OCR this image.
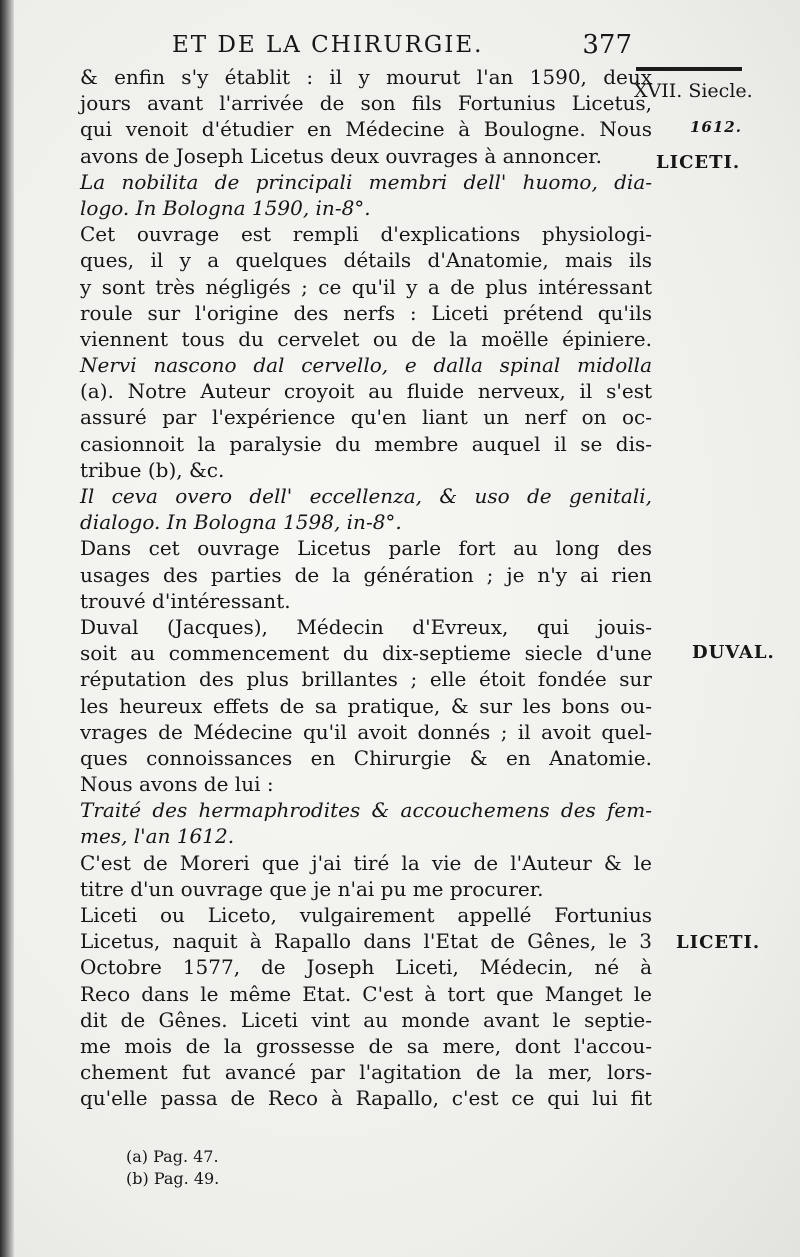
ET DE LA CHIRURGIE.	377
XVII. Siecle.
1612.
LICETI.
DUVAL.
LICETI.
& enfin s'y établit : il y mourut l'an 1590, deux
jours avant l'arrivée de son fils Fortunius Licetus,
qui venoit d'étudier en Médecine à Boulogne. Nous
avons de Joseph Licetus deux ouvrages à annoncer.
La nobilita de principali membri dell' huomo, dia-
logo. In Bologna 1590, in-8°.
Cet ouvrage est rempli d'explications physiologi-
ques, il y a quelques détails d'Anatomie, mais ils
y sont très négligés ; ce qu'il y a de plus intéressant
roule sur l'origine des nerfs : Liceti prétend qu'ils
viennent tous du cervelet ou de la moëlle épiniere.
Nervi nascono dal cervello, e dalla spinal midolla
(a). Notre Auteur croyoit au fluide nerveux, il s'est
assuré par l'expérience qu'en liant un nerf on oc-
casionnoit la paralysie du membre auquel il se dis-
tribue (b), &c.
Il ceva overo dell' eccellenza, & uso de genitali,
dialogo. In Bologna 1598, in-8°.
Dans cet ouvrage Licetus parle fort au long des
usages des parties de la génération ; je n'y ai rien
trouvé d'intéressant.
Duval (Jacques), Médecin d'Evreux, qui jouis-
soit au commencement du dix-septieme siecle d'une
réputation des plus brillantes ; elle étoit fondée sur
les heureux effets de sa pratique, & sur les bons ou-
vrages de Médecine qu'il avoit donnés ; il avoit quel-
ques connoissances en Chirurgie & en Anatomie.
Nous avons de lui :
Traité des hermaphrodites & accouchemens des fem-
mes, l'an 1612.
C'est de Moreri que j'ai tiré la vie de l'Auteur & le
titre d'un ouvrage que je n'ai pu me procurer.
Liceti ou Liceto, vulgairement appellé Fortunius
Licetus, naquit à Rapallo dans l'Etat de Gênes, le 3
Octobre 1577, de Joseph Liceti, Médecin, né à
Reco dans le même Etat. C'est à tort que Manget le
dit de Gênes. Liceti vint au monde avant le septie-
me mois de la grossesse de sa mere, dont l'accou-
chement fut avancé par l'agitation de la mer, lors-
qu'elle passa de Reco à Rapallo, c'est ce qui lui fit
(a) Pag. 47.
(b) Pag. 49.
